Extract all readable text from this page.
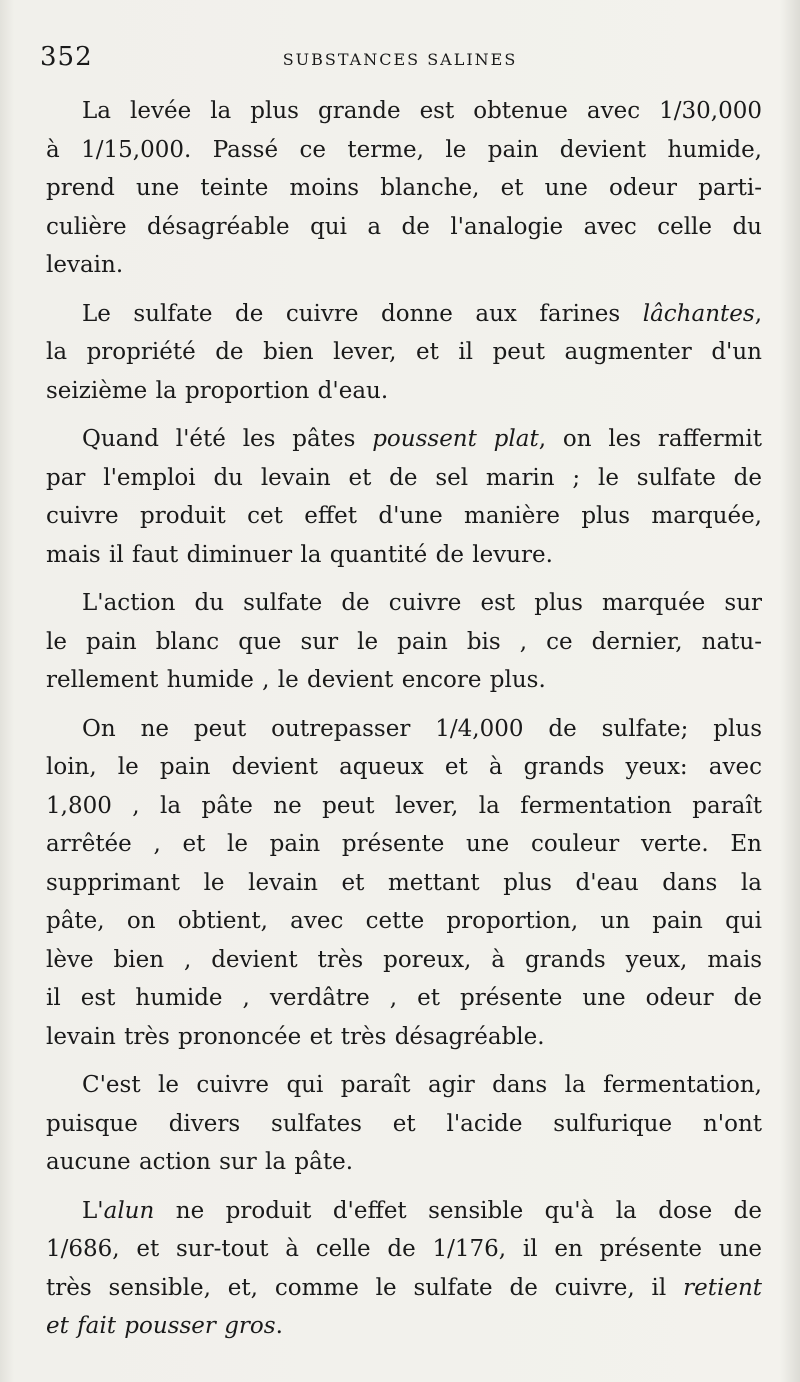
352	SUBSTANCES SALINES
La levée la plus grande est obtenue avec 1/30,000
à 1/15,000. Passé ce terme, le pain devient humide,
prend une teinte moins blanche, et une odeur parti-
culière désagréable qui a de l'analogie avec celle du
levain.
Le sulfate de cuivre donne aux farines lâchantes,
la propriété de bien lever, et il peut augmenter d'un
seizième la proportion d'eau.
Quand l'été les pâtes poussent plat, on les raffermit
par l'emploi du levain et de sel marin ; le sulfate de
cuivre produit cet effet d'une manière plus marquée,
mais il faut diminuer la quantité de levure.
L'action du sulfate de cuivre est plus marquée sur
le pain blanc que sur le pain bis , ce dernier, natu-
rellement humide , le devient encore plus.
On ne peut outrepasser 1/4,000 de sulfate; plus
loin, le pain devient aqueux et à grands yeux: avec
1,800 , la pâte ne peut lever, la fermentation paraît
arrêtée , et le pain présente une couleur verte. En
supprimant le levain et mettant plus d'eau dans la
pâte, on obtient, avec cette proportion, un pain qui
lève bien , devient très poreux, à grands yeux, mais
il est humide , verdâtre , et présente une odeur de
levain très prononcée et très désagréable.
C'est le cuivre qui paraît agir dans la fermentation,
puisque divers sulfates et l'acide sulfurique n'ont
aucune action sur la pâte.
L'alun ne produit d'effet sensible qu'à la dose de
1/686, et sur-tout à celle de 1/176, il en présente une
très sensible, et, comme le sulfate de cuivre, il retient
et fait pousser gros.
